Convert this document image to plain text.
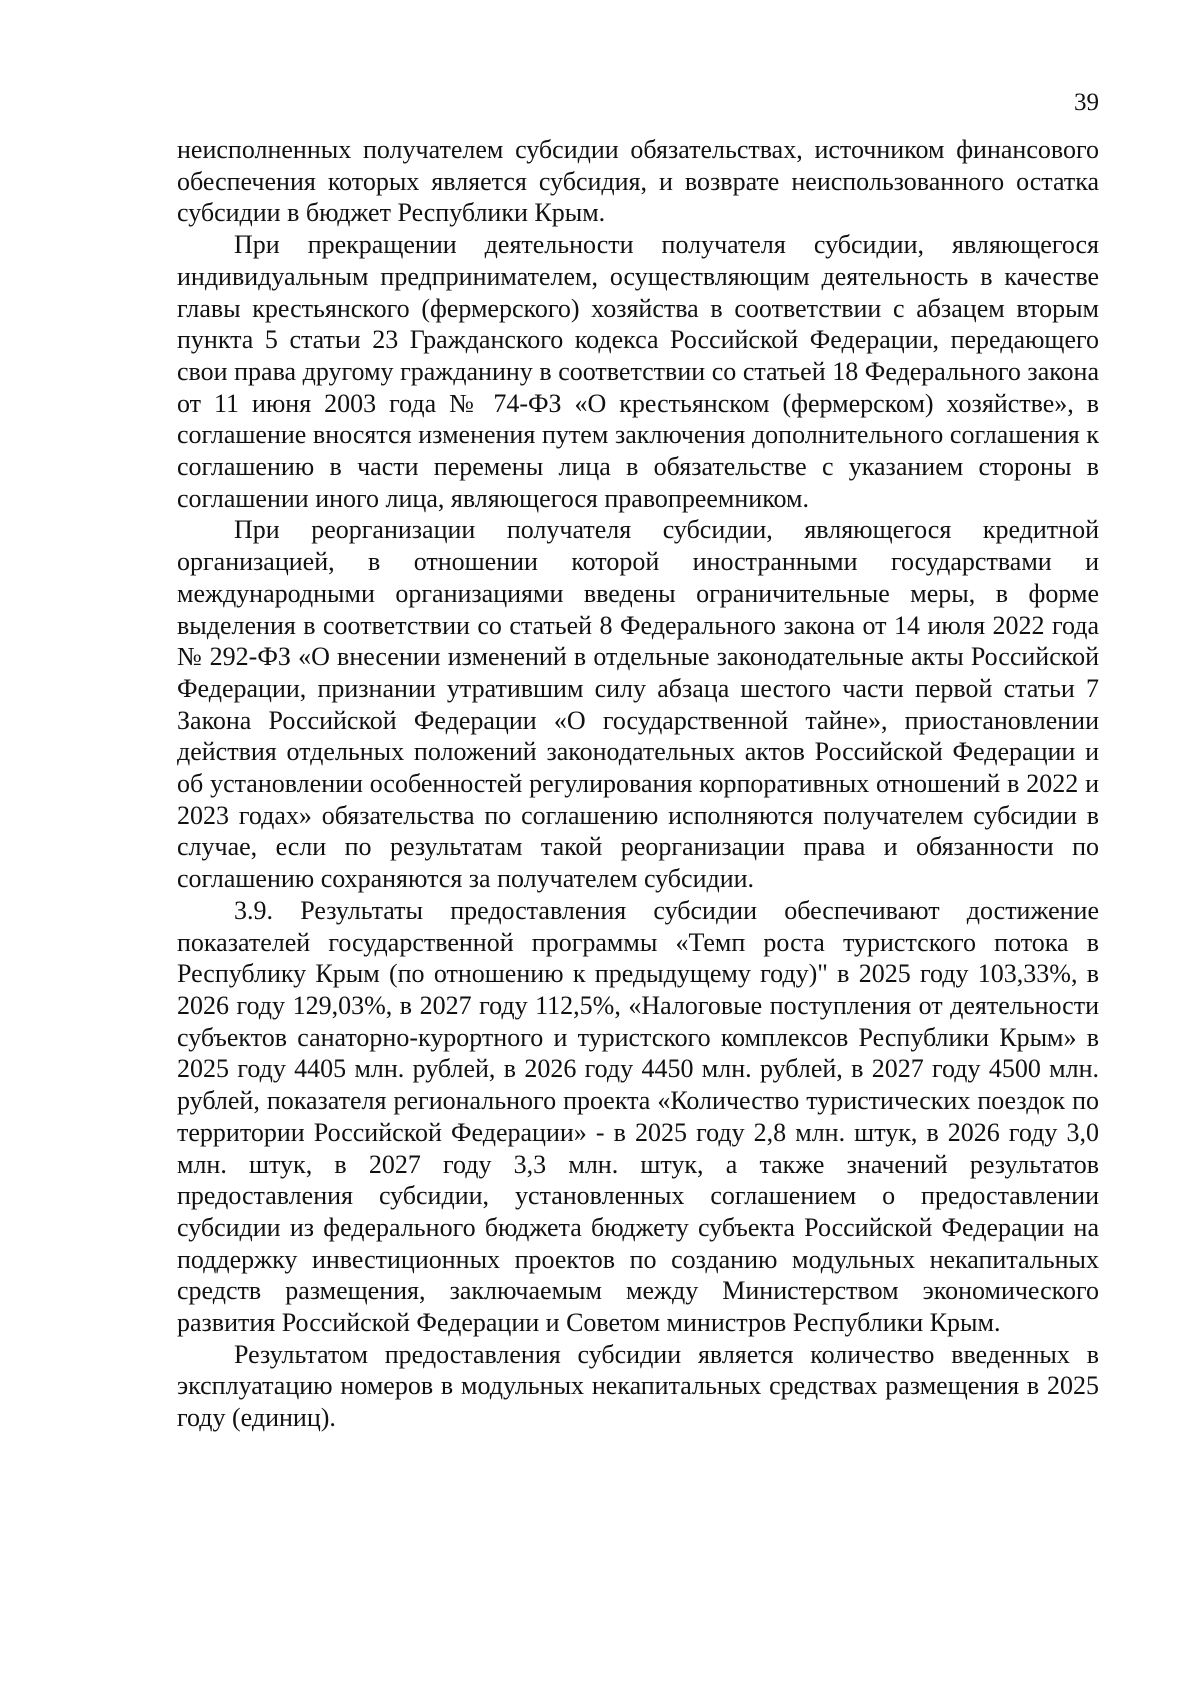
39

неисполненных получателем субсидии обязательствах, источником финансового обеспечения которых является субсидия, и возврате неиспользованного остатка субсидии в бюджет Республики Крым.

При прекращении деятельности получателя субсидии, являющегося индивидуальным предпринимателем, осуществляющим деятельность в качестве главы крестьянского (фермерского) хозяйства в соответствии с абзацем вторым пункта 5 статьи 23 Гражданского кодекса Российской Федерации, передающего свои права другому гражданину в соответствии со статьей 18 Федерального закона от 11 июня 2003 года № 74-ФЗ «О крестьянском (фермерском) хозяйстве», в соглашение вносятся изменения путем заключения дополнительного соглашения к соглашению в части перемены лица в обязательстве с указанием стороны в соглашении иного лица, являющегося правопреемником.

При реорганизации получателя субсидии, являющегося кредитной организацией, в отношении которой иностранными государствами и международными организациями введены ограничительные меры, в форме выделения в соответствии со статьей 8 Федерального закона от 14 июля 2022 года № 292-ФЗ «О внесении изменений в отдельные законодательные акты Российской Федерации, признании утратившим силу абзаца шестого части первой статьи 7 Закона Российской Федерации «О государственной тайне», приостановлении действия отдельных положений законодательных актов Российской Федерации и об установлении особенностей регулирования корпоративных отношений в 2022 и 2023 годах» обязательства по соглашению исполняются получателем субсидии в случае, если по результатам такой реорганизации права и обязанности по соглашению сохраняются за получателем субсидии.

3.9. Результаты предоставления субсидии обеспечивают достижение показателей государственной программы «Темп роста туристского потока в Республику Крым (по отношению к предыдущему году)" в 2025 году 103,33%, в 2026 году 129,03%, в 2027 году 112,5%, «Налоговые поступления от деятельности субъектов санаторно-курортного и туристского комплексов Республики Крым» в 2025 году 4405 млн. рублей, в 2026 году 4450 млн. рублей, в 2027 году 4500 млн. рублей, показателя регионального проекта «Количество туристических поездок по территории Российской Федерации» - в 2025 году 2,8 млн. штук, в 2026 году 3,0 млн. штук, в 2027 году 3,3 млн. штук, а также значений результатов предоставления субсидии, установленных соглашением о предоставлении субсидии из федерального бюджета бюджету субъекта Российской Федерации на поддержку инвестиционных проектов по созданию модульных некапитальных средств размещения, заключаемым между Министерством экономического развития Российской Федерации и Советом министров Республики Крым.

Результатом предоставления субсидии является количество введенных в эксплуатацию номеров в модульных некапитальных средствах размещения в 2025 году (единиц).
